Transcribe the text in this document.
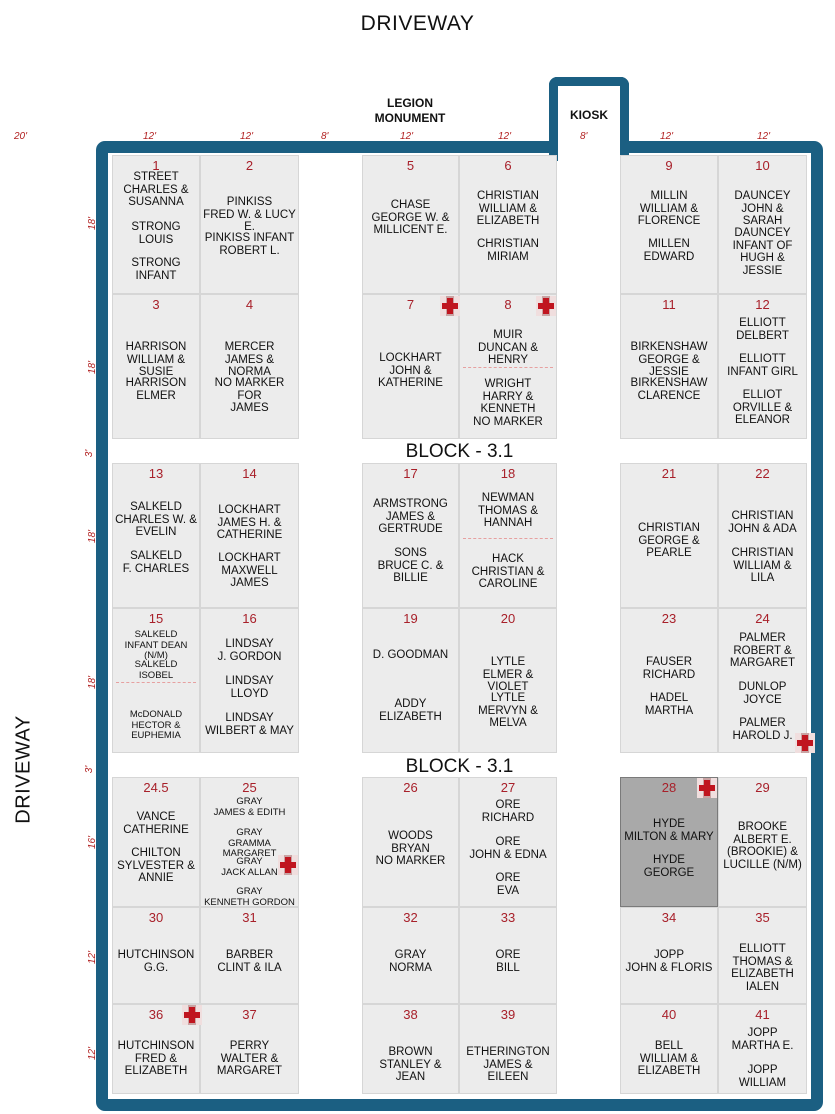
DRIVEWAY
DRIVEWAY
LEGION
MONUMENT	KIOSK
20'	12'	12'	8'	12'	12'	8'	12'	12'
18'
18'
3'
18'
18'
3'
16'
12'
12'
1
STREET
CHARLES &
SUSANNA
STRONG
LOUIS
STRONG
INFANT
2
PINKISS
FRED W. & LUCY E.
PINKISS INFANT
ROBERT L.
5
CHASE
GEORGE W. &
MILLICENT E.
6
CHRISTIAN
WILLIAM &
ELIZABETH
CHRISTIAN
MIRIAM
9
MILLIN
WILLIAM &
FLORENCE
MILLEN
EDWARD
10
DAUNCEY
JOHN & SARAH
DAUNCEY
INFANT OF
HUGH & JESSIE
3
HARRISON
WILLIAM & SUSIE
HARRISON
ELMER
4
MERCER
JAMES & NORMA
NO MARKER FOR
JAMES
7
LOCKHART
JOHN &
KATHERINE
8
MUIR
DUNCAN & HENRY
WRIGHT
HARRY &
KENNETH
NO MARKER
11
BIRKENSHAW
GEORGE & JESSIE
BIRKENSHAW
CLARENCE
12
ELLIOTT
DELBERT
ELLIOTT
INFANT GIRL
ELLIOT
ORVILLE &
ELEANOR
13
SALKELD
CHARLES W. &
EVELIN
SALKELD
F. CHARLES
14
LOCKHART
JAMES H. &
CATHERINE
LOCKHART
MAXWELL JAMES
17
ARMSTRONG
JAMES &
GERTRUDE
SONS
BRUCE C. &
BILLIE
18
NEWMAN
THOMAS &
HANNAH
HACK
CHRISTIAN &
CAROLINE
21
CHRISTIAN
GEORGE &
PEARLE
22
CHRISTIAN
JOHN & ADA
CHRISTIAN
WILLIAM & LILA
15
SALKELD
INFANT DEAN (N/M)
SALKELD
ISOBEL
McDONALD
HECTOR &
EUPHEMIA
16
LINDSAY
J. GORDON
LINDSAY
LLOYD
LINDSAY
WILBERT & MAY
19
D. GOODMAN
ADDY
ELIZABETH
20
LYTLE
ELMER & VIOLET
LYTLE
MERVYN & MELVA
23
FAUSER
RICHARD
HADEL
MARTHA
24
PALMER
ROBERT &
MARGARET
DUNLOP
JOYCE
PALMER
HAROLD J.
24.5
VANCE
CATHERINE
CHILTON
SYLVESTER &
ANNIE
25
GRAY
JAMES & EDITH
GRAY
GRAMMA MARGARET
GRAY
JACK ALLAN
GRAY
KENNETH GORDON
26
WOODS
BRYAN
NO MARKER
27
ORE
RICHARD
ORE
JOHN & EDNA
ORE
EVA
28
HYDE
MILTON & MARY
HYDE
GEORGE
29
BROOKE
ALBERT E.
(BROOKIE) &
LUCILLE (N/M)
30
HUTCHINSON
G.G.
31
BARBER
CLINT & ILA
32
GRAY
NORMA
33
ORE
BILL
34
JOPP
JOHN & FLORIS
35
ELLIOTT
THOMAS &
ELIZABETH IALEN
36
HUTCHINSON
FRED &
ELIZABETH
37
PERRY
WALTER &
MARGARET
38
BROWN
STANLEY & JEAN
39
ETHERINGTON
JAMES & EILEEN
40
BELL
WILLIAM &
ELIZABETH
41
JOPP
MARTHA E.
JOPP
WILLIAM
BLOCK - 3.1
BLOCK - 3.1
